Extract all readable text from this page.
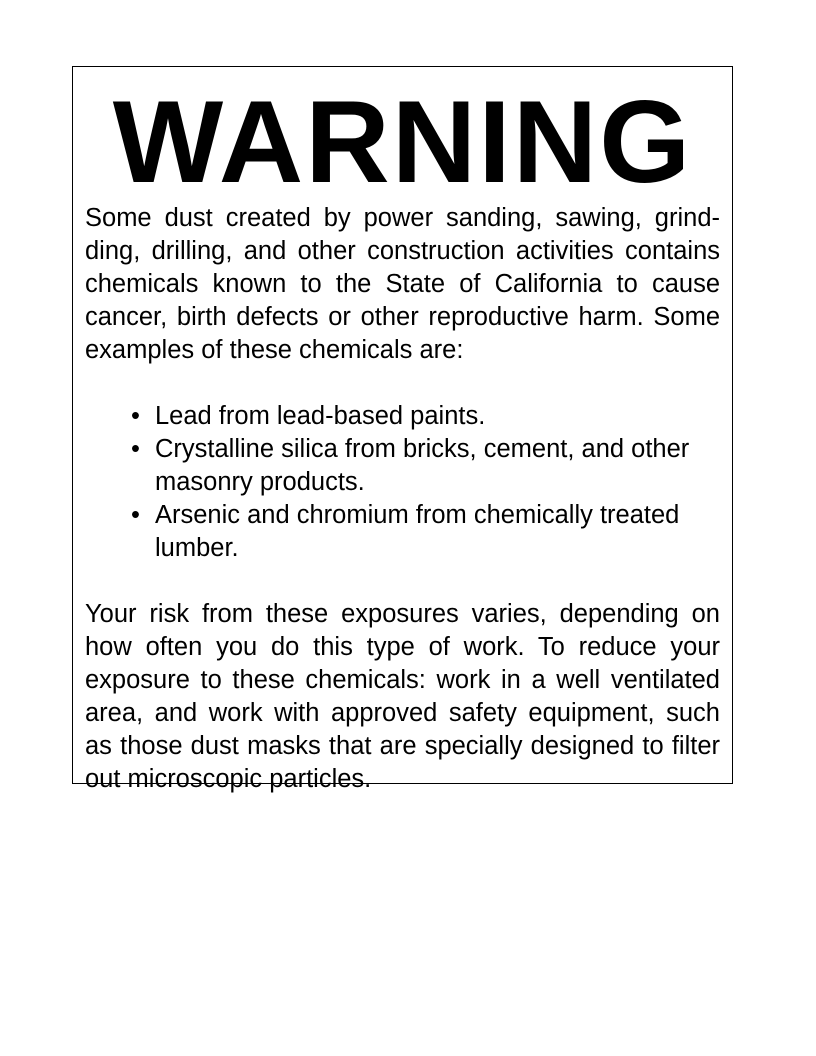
WARNING

Some dust created by power sanding, sawing, grindding, drilling, and other construction activities contains chemicals known to the State of California to cause cancer, birth defects or other reproductive harm. Some examples of these chemicals are:

• Lead from lead-based paints.
• Crystalline silica from bricks, cement, and other masonry products.
• Arsenic and chromium from chemically treated lumber.

Your risk from these exposures varies, depending on how often you do this type of work. To reduce your exposure to these chemicals: work in a well ventilated area, and work with approved safety equipment, such as those dust masks that are specially designed to filter out microscopic particles.
